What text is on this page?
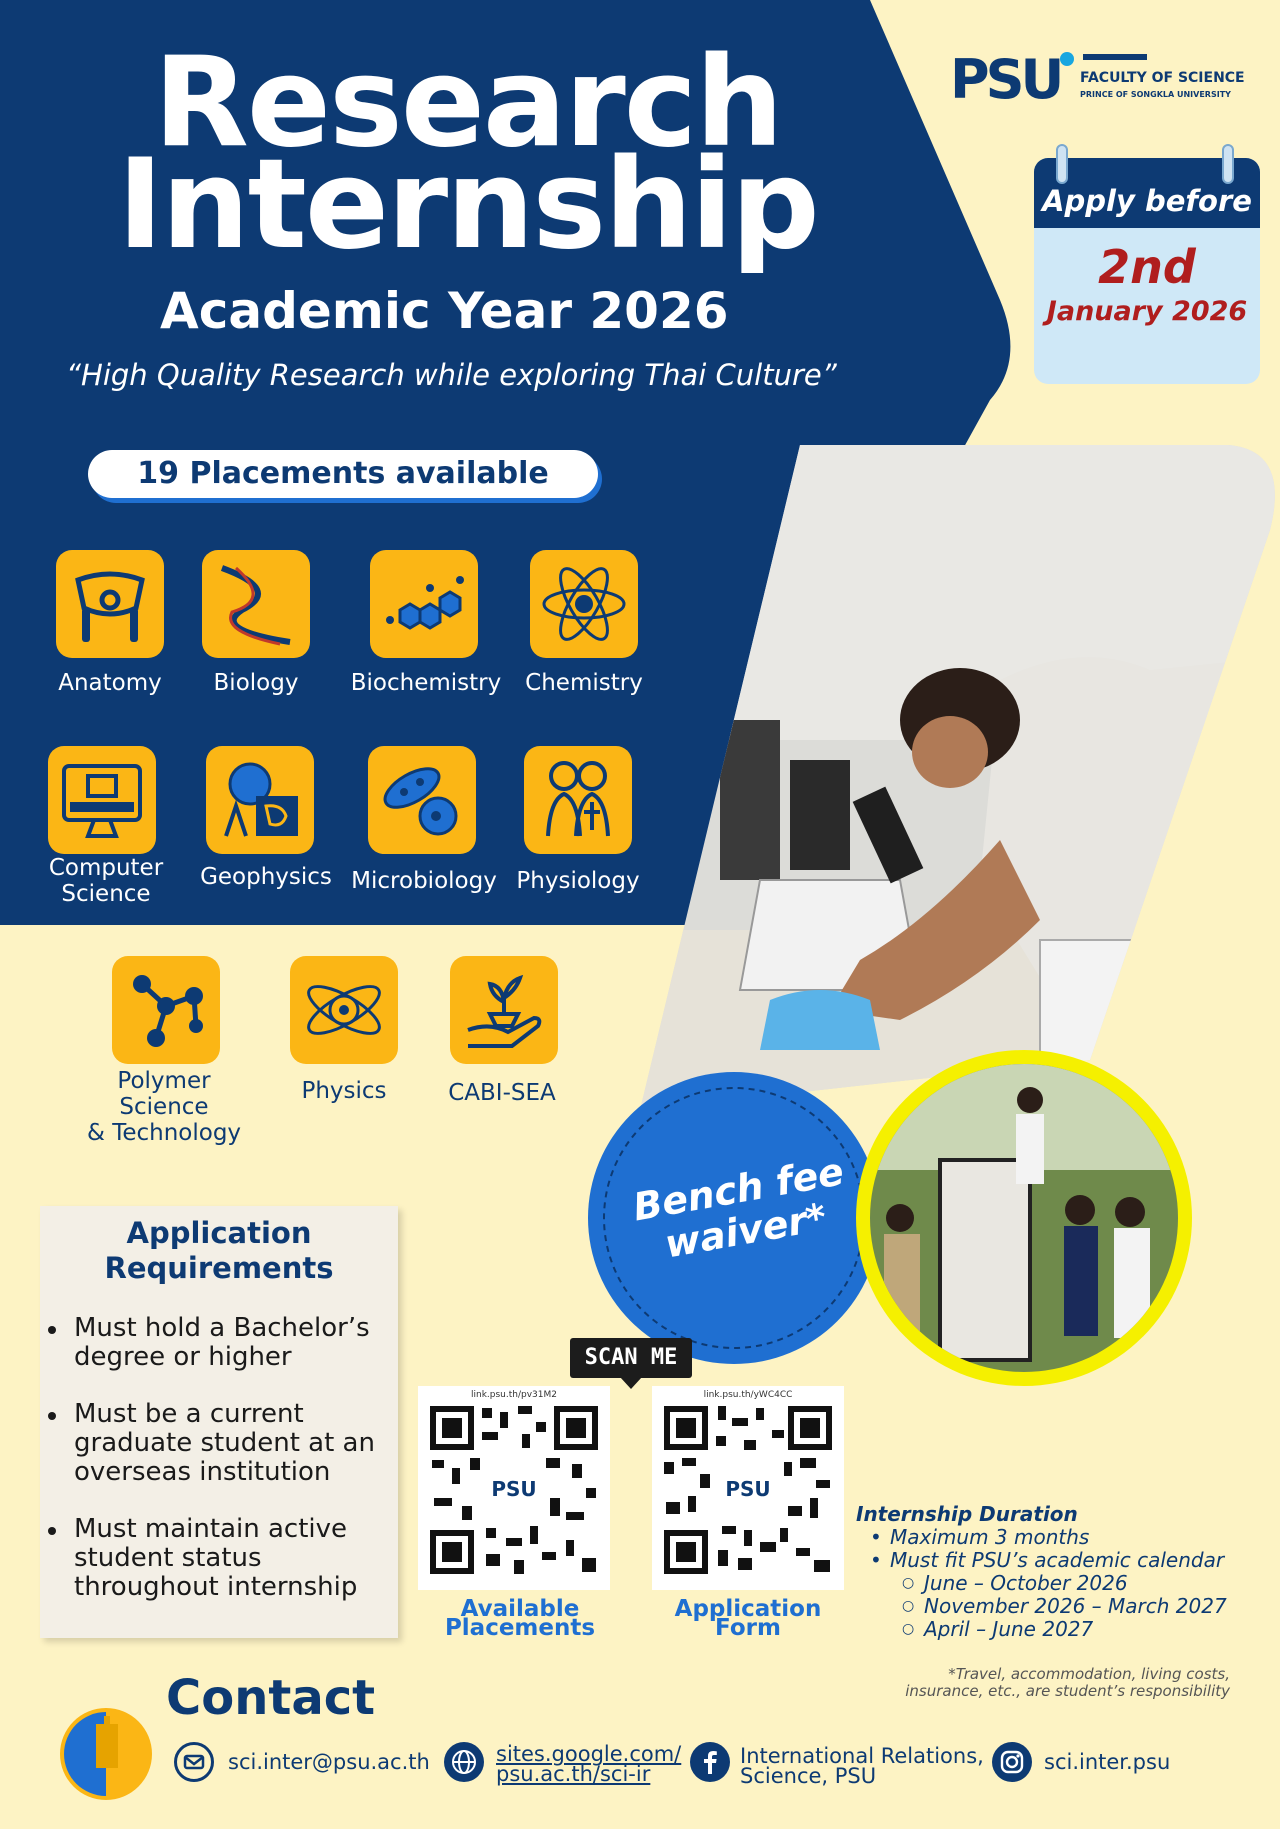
Research
Internship
Academic Year 2026
“High Quality Research while exploring Thai Culture”
19 Placements available
PSU FACULTY OF SCIENCE
PRINCE OF SONGKLA UNIVERSITY
Apply before
2nd
January 2026
Anatomy	Biology	Biochemistry	Chemistry
Computer
Science
Geophysics Microbiology Physiology
Polymer Science
& Technology
Physics	CABI-SEA
Bench fee waiver*
Application
Requirements
Must hold a Bachelor’s degree or higher
Must be a current graduate student at an overseas institution
Must maintain active student status throughout internship
SCAN ME
link.psu.th/pv31M2
PSU
Available
Placements
link.psu.th/yWC4CC
PSU
Application
Form
Internship Duration
• Maximum 3 months
• Must fit PSU’s academic calendar
○ June – October 2026
○ November 2026 – March 2027
○ April – June 2027
*Travel, accommodation, living costs, insurance, etc., are student’s responsibility
Contact
sci.inter@psu.ac.th	sites.google.com/
psu.ac.th/sci-ir
International Relations,
Science, PSU
sci.inter.psu
